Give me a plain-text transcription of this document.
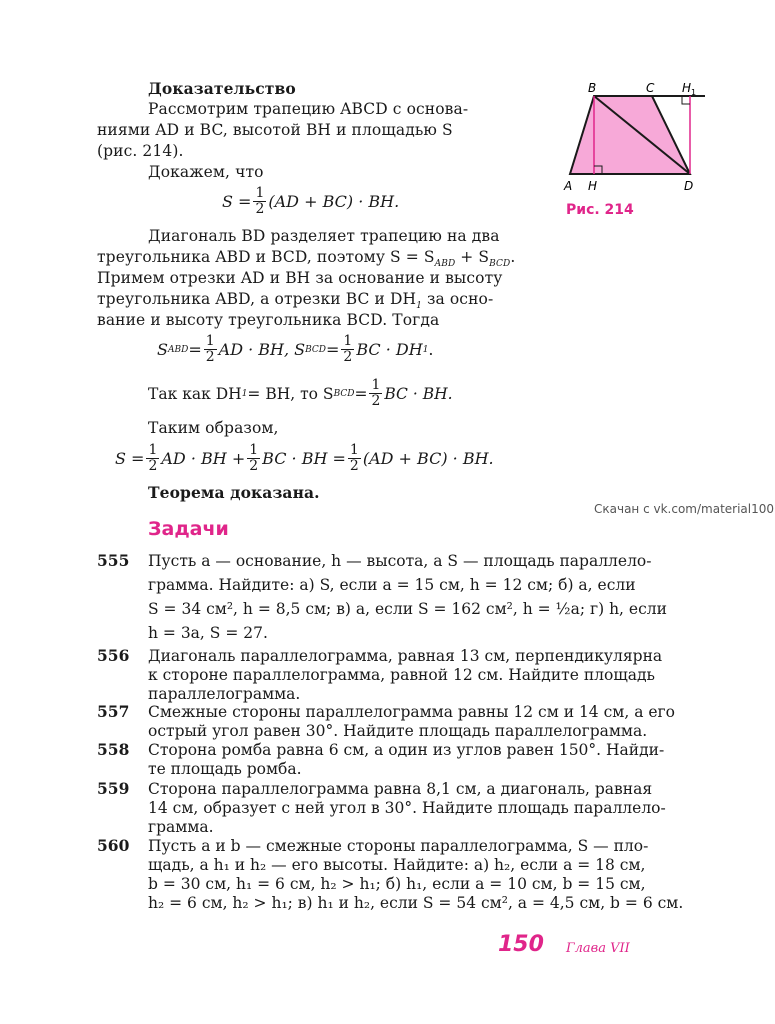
Доказательство
Рассмотрим трапецию ABCD с основа-
ниями AD и BC, высотой BH и площадью S
(рис. 214).
Докажем, что
$S = \frac{1}{2} (AD + BC)$ · BH.
Диагональ BD разделяет трапецию на два
треугольника ABD и BCD, поэтому $S = S_{ABD} + S_{BCD}$.
Примем отрезки AD и BH за основание и высоту
треугольника ABD, а отрезки BC и $DH_1$ за осно-
вание и высоту треугольника BCD. Тогда
S ABD = $\frac{1}{2}$ AD · BH, S BCD = $\frac{1}{2}$ BC · DH 1 .
Так как DH 1 = BH, то S BCD = $\frac{1}{2}$ BC · BH.
Таким образом,
$S = \frac{1}{2}$ AD · BH + $\frac{1}{2}$ BC · BH = $\frac{1}{2} (AD + BC)$ · BH.
Теорема доказана.
B	C H 1
A H	D
Рис. 214
Скачан с vk.com/material100
Задачи
555 Пусть a — основание, h — высота, а S — площадь параллело-
грамма. Найдите: а) S, если a = 15 см, h = 12 см; б) a, если
S = 34 см², h = 8,5 см; в) a, если S = 162 см², h = ½a; г) h, если
h = 3a, S = 27.
556 Диагональ параллелограмма, равная 13 см, перпендикулярна
к стороне параллелограмма, равной 12 см. Найдите площадь
параллелограмма.
557 Смежные стороны параллелограмма равны 12 см и 14 см, а его
острый угол равен 30°. Найдите площадь параллелограмма.
558 Сторона ромба равна 6 см, а один из углов равен 150°. Найди-
те площадь ромба.
559 Сторона параллелограмма равна 8,1 см, а диагональ, равная
14 см, образует с ней угол в 30°. Найдите площадь параллело-
грамма.
560 Пусть a и b — смежные стороны параллелограмма, S — пло-
щадь, а h₁ и h₂ — его высоты. Найдите: а) h₂, если a = 18 см,
b = 30 см, h₁ = 6 см, h₂ > h₁; б) h₁, если a = 10 см, b = 15 см,
h₂ = 6 см, h₂ > h₁; в) h₁ и h₂, если S = 54 см², a = 4,5 см, b = 6 см.
150 Глава VII
